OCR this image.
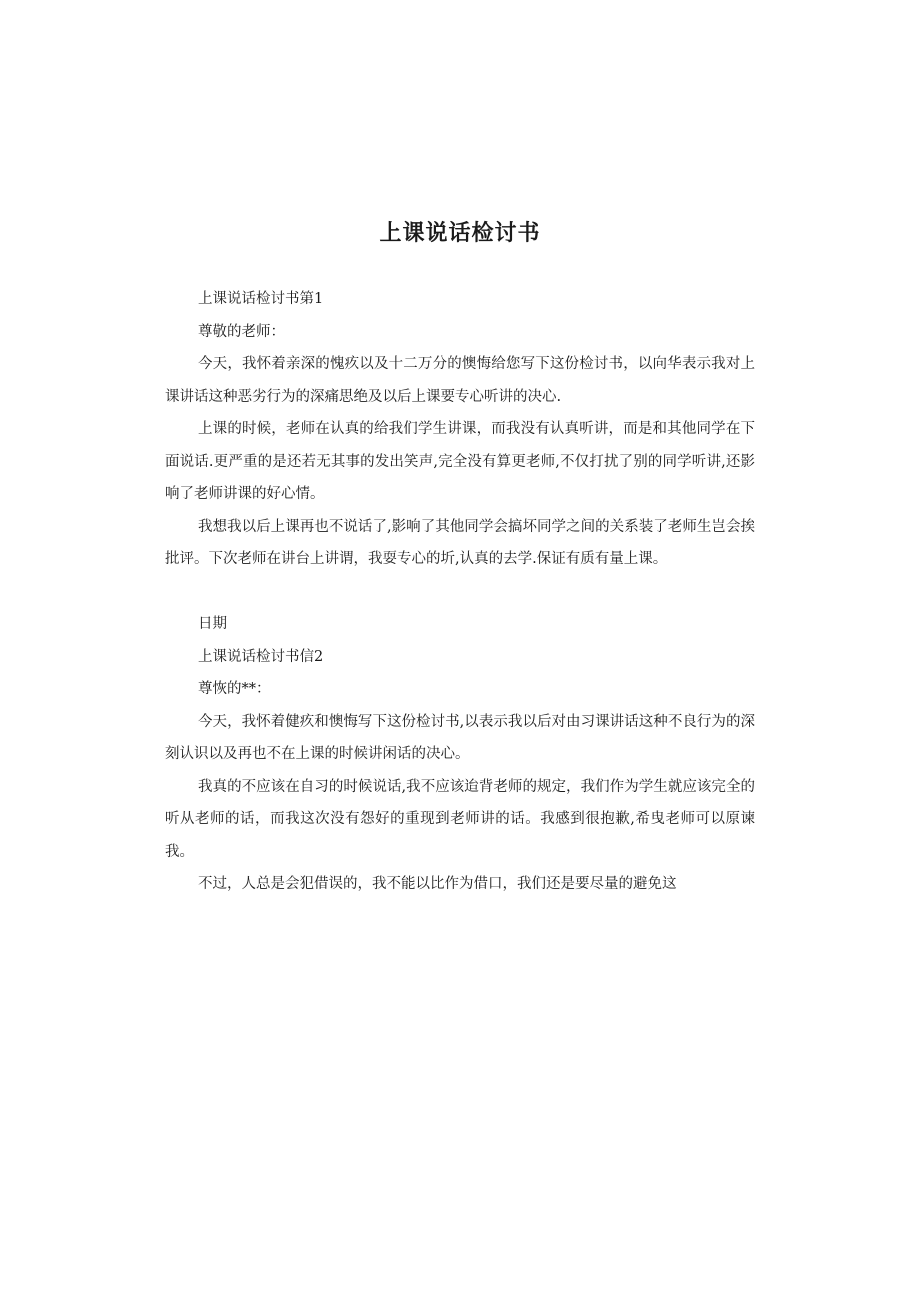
上课说话检讨书

上课说话检讨书第1

尊敬的老师：

今天，我怀着亲深的愧疚以及十二万分的懊悔给您写下这份检讨书，以向华表示我对上课讲话这种恶劣行为的深痛思绝及以后上课要专心听讲的决心.

上课的时候，老师在认真的给我们学生讲课，而我没有认真听讲，而是和其他同学在下面说话.更严重的是还若无其事的发出笑声,完全没有算更老师,不仅打扰了别的同学听讲,还影响了老师讲课的好心情。

我想我以后上课再也不说话了,影响了其他同学会搞坏同学之间的关系装了老师生岂会挨批评。下次老师在讲台上讲谓，我耍专心的圻,认真的去学.保证有质有量上课。

日期

上课说话检讨书信2

尊恢的**：

今天，我怀着健疚和懊悔写下这份检讨书,以表示我以后对由习课讲话这种不良行为的深刻认识以及再也不在上课的时候讲闲话的决心。

我真的不应该在自习的时候说话,我不应该迨背老师的规定，我们作为学生就应该完全的听从老师的话，而我这次没有怨好的重现到老师讲的话。我感到很抱歉,希曳老师可以原谏我。

不过，人总是会犯借误的，我不能以比作为借口，我们还是要尽量的避免这
